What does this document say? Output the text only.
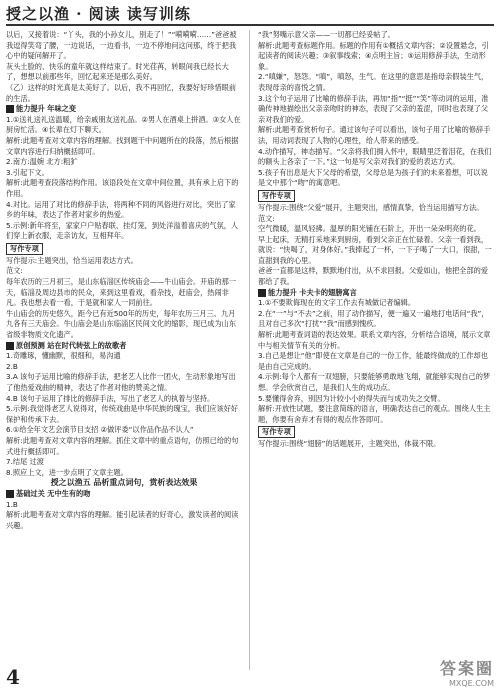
授之以渔 · 阅读 读写训练

以后，又接着说：“丫头，我的小孙女儿，别走了！”“嗬嗬嗬……”爸爸被我逗得笑弯了腰，一边说话，一边看书，一边不停地问这问那，终于把我心中的疑问解开了。

灰头土脸的、快乐的童年就这样结束了。时光荏苒，转眼间我已经长大了，想想以前那些年，回忆起来还是那么美好。

（乙）这样的时光真是太美好了。以后，我不再回忆，我要好好珍惜眼前的生活。

能力提升 年味之变

1.①送礼送礼送温暖，给亲戚朋友送礼品。②男人在酒桌上拼酒。③女人在厨房忙活。④长辈在灯下聊天。

解析:此题考查对文章内容的理解。找到题干中问题所在的段落，然后根据文章内容进行归纳概括即可。

2.南方:温婉 北方:粗犷

3.引起下文。

解析:此题考查段落结构作用。该语段处在文章中间位置，具有承上启下的作用。

4.对比。运用了对比的修辞手法，将两种不同的风俗进行对比，突出了家乡的年味，表达了作者对家乡的热爱。

5.示例:新年将至，家家户户贴春联、挂灯笼，到处洋溢着喜庆的气氛，人们穿上新衣服，走亲访友，互相拜年。

写作专项

写作提示:主题突出，恰当运用表达方式。

范文:

每年农历的三月初三，是山东临淄区传统庙会——牛山庙会。开庙的那一天，临淄及周边县市的民众，来到这里看戏，看杂技，赶庙会，热闹非凡。我也想去看一看，于是就和家人一同前往。

牛山庙会的历史悠久，距今已有近500年的历史，每年农历三月三、九月九各有三天庙会。牛山庙会是山东临淄区民间文化的缩影，现已成为山东省级非物质文化遗产。

原创预测 站在时代转弦上的故歌者

1.奇雕琢，懂幽默，很细和，易沟通

2.B

3.A 该句子运用比喻的修辞手法，把老艺人比作一团火，生动形象地写出了他热爱戏曲的精神，表达了作者对他的赞美之情。

4.B 该句子运用了排比的修辞手法，写出了老艺人的执着与坚持。

5.示例:我觉得老艺人说得对，传统戏曲是中华民族的瑰宝，我们应该好好保护和传承下去。

6.①给全年文艺会演节目支招 ②做评委“以作品作品不认人”

解析:此题考查对文章内容的理解。抓住文章中的重点语句，仿照已给的句式进行概括即可。

7.结尾 过渡

8.照应上文，进一步点明了文章主题。

授之以渔五 品析重点词句，赏析表达效果

基础过关 无中生有的吻

1.B

解析:此题考查对文章内容的理解。能引起读者的好奇心，激发读者的阅读兴趣。

“我”努嘴示意父亲——一切都已经妥帖了。

解析:此题考查标题作用。标题的作用有①概括文章内容；②设置悬念，引起读者的阅读兴趣；③叙事线索；④点明主旨；⑤运用修辞手法，生动形象。

2.“嗔嫌”，怒怨。“嗔”，嗔怒，生气。在这里的意思是指母亲假装生气，表现母亲的喜悦之情。

3.这个句子运用了比喻的修辞手法，再加“指”“挺”“笑”等动词的运用，准确传神地描绘出父亲亲吻时的神态，表现了父亲的羞涩，同时也表现了父亲对我们的爱。

解析:此题考查赏析句子。通过该句子可以看出，该句子用了比喻的修辞手法，用动词表现了人物的心理性，给人带来的感受。

4.动作描写，神态描写。“父亲将我们拥入怀中，眼睛里泛着泪花，在我们的额头上各亲了一下。”这一句是写父亲对我们的爱的表达方式。

5.孩子有出息是大下父母的希望，父母总是为孩子们的未来着想，可以说是文中那个“吻”的寓意吧。

写作专项

写作提示:围绕“父爱”展开，主题突出，感情真挚，恰当运用描写方法。

范文:

空气微暖，温风轻拂。温厚的阳光铺在石阶上，开出一朵朵明亮的花。

早上起床，无精打采地来到厨房，看到父亲正在忙碌着。父亲一看到我，就说：“快喝了，对身体好。”我捧起了一杯，一下子喝了一大口，很甜，一直甜到我的心里。

爸爸一直都是这样，默默地付出，从不求回报。父爱如山，他把全部的爱都给了我。

能力提升 卡夫卡的翅膀寓言

1.①不要欺侮现在的文字工作去有城做记者编辑。

2.在“一”与“不去”之前，用了动作描写，便一遍又一遍地打电话问“我”，且对自己多次“打扰”“我”而感到愧疚。

解析:此题考查词语的表达效果。联系文章内容，分析结合语境，展示文章中与相关情节有关的分析。

3.自己是想让“他”即使在文章是自己的一份工作，能最终做成的工作却也是由自己完成的。

4.示例:每个人都有一双翅膀，只要能够勇敢地飞翔，就能够实现自己的梦想。学会欣赏自己，是我们人生的成功点。

5.要懂得舍弃，别因为计较小小的得失而与成功失之交臂。

解析:开放性试题，要注意简练的语言，明确表达自己的观点。围绕人生主题，你要有舍弃才有得的观点作答即可。

写作专项

写作提示:围绕“翅膀”的话题展开，主题突出，体裁不限。

4	答案圈
MXQE.COM
